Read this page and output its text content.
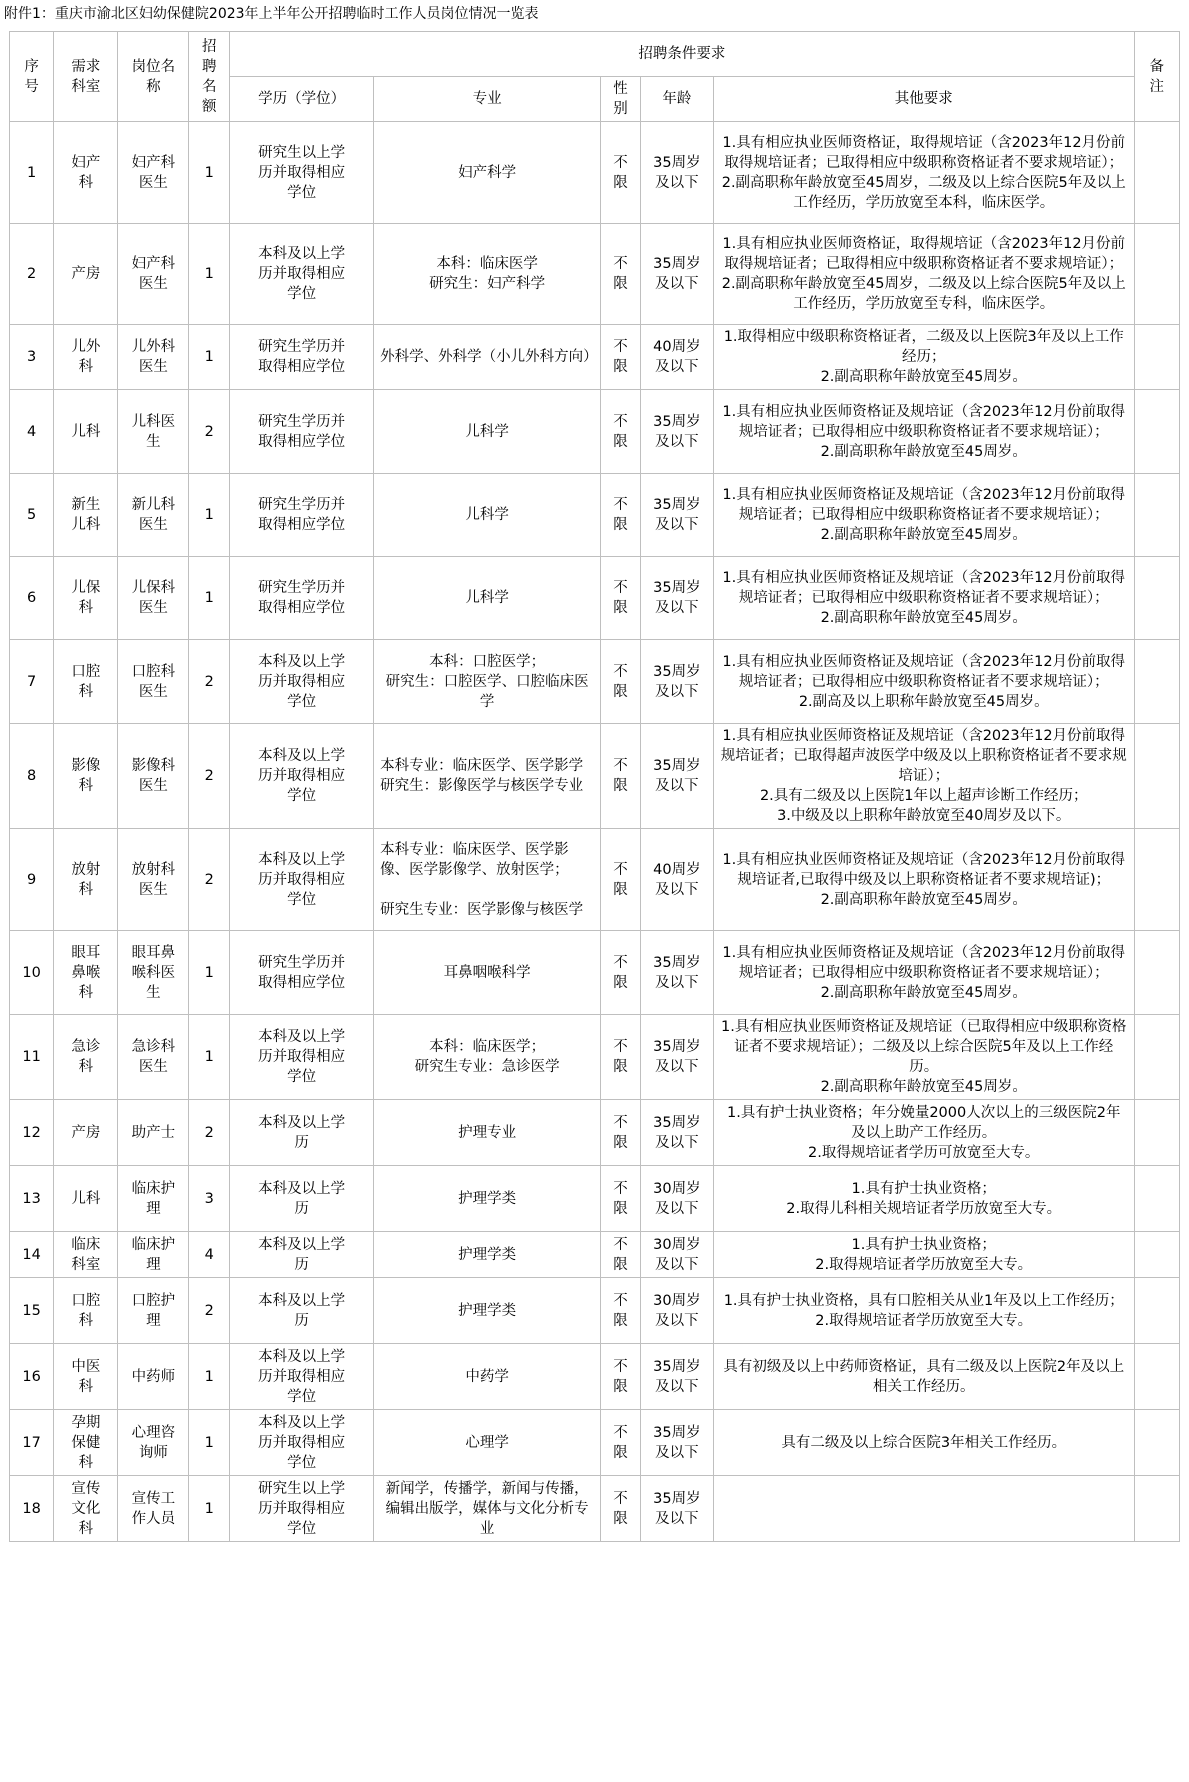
附件1：重庆市渝北区妇幼保健院2023年上半年公开招聘临时工作人员岗位情况一览表
序
号	需求
科室	岗位名
称	招
聘
名
额	招聘条件要求					备
注
				学历（学位）	专业	性
别	年龄	其他要求	
1	妇产
科	妇产科
医生	1	研究生以上学
历并取得相应
学位	妇产科学	不
限	35周岁
及以下	1.具有相应执业医师资格证，取得规培证（含2023年12月份前取得规培证者；已取得相应中级职称资格证者不要求规培证）；
2.副高职称年龄放宽至45周岁，二级及以上综合医院5年及以上工作经历，学历放宽至本科，临床医学。	
2	产房	妇产科
医生	1	本科及以上学
历并取得相应
学位	本科：临床医学
研究生：妇产科学	不
限	35周岁
及以下	1.具有相应执业医师资格证，取得规培证（含2023年12月份前取得规培证者；已取得相应中级职称资格证者不要求规培证）；
2.副高职称年龄放宽至45周岁，二级及以上综合医院5年及以上工作经历，学历放宽至专科，临床医学。	
3	儿外
科	儿外科
医生	1	研究生学历并
取得相应学位	外科学、外科学（小儿外科方向）	不
限	40周岁
及以下	1.取得相应中级职称资格证者，二级及以上医院3年及以上工作经历；
2.副高职称年龄放宽至45周岁。	
4	儿科	儿科医
生	2	研究生学历并
取得相应学位	儿科学	不
限	35周岁
及以下	1.具有相应执业医师资格证及规培证（含2023年12月份前取得规培证者；已取得相应中级职称资格证者不要求规培证）；
2.副高职称年龄放宽至45周岁。	
5	新生
儿科	新儿科
医生	1	研究生学历并
取得相应学位	儿科学	不
限	35周岁
及以下	1.具有相应执业医师资格证及规培证（含2023年12月份前取得规培证者；已取得相应中级职称资格证者不要求规培证）；
2.副高职称年龄放宽至45周岁。	
6	儿保
科	儿保科
医生	1	研究生学历并
取得相应学位	儿科学	不
限	35周岁
及以下	1.具有相应执业医师资格证及规培证（含2023年12月份前取得规培证者；已取得相应中级职称资格证者不要求规培证）；
2.副高职称年龄放宽至45周岁。	
7	口腔
科	口腔科
医生	2	本科及以上学
历并取得相应
学位	本科：口腔医学；
研究生：口腔医学、口腔临床医学	不
限	35周岁
及以下	1.具有相应执业医师资格证及规培证（含2023年12月份前取得规培证者；已取得相应中级职称资格证者不要求规培证）；
2.副高及以上职称年龄放宽至45周岁。	
8	影像
科	影像科
医生	2	本科及以上学
历并取得相应
学位	本科专业：临床医学、医学影学
研究生：影像医学与核医学专业	不
限	35周岁
及以下	1.具有相应执业医师资格证及规培证（含2023年12月份前取得规培证者；已取得超声波医学中级及以上职称资格证者不要求规培证）；
2.具有二级及以上医院1年以上超声诊断工作经历；
3.中级及以上职称年龄放宽至40周岁及以下。	
9	放射
科	放射科
医生	2	本科及以上学
历并取得相应
学位	本科专业：临床医学、医学影像、医学影像学、放射医学；

研究生专业：医学影像与核医学	不
限	40周岁
及以下	1.具有相应执业医师资格证及规培证（含2023年12月份前取得规培证者,已取得中级及以上职称资格证者不要求规培证)；
2.副高职称年龄放宽至45周岁。	
10	眼耳
鼻喉
科	眼耳鼻
喉科医
生	1	研究生学历并
取得相应学位	耳鼻咽喉科学	不
限	35周岁
及以下	1.具有相应执业医师资格证及规培证（含2023年12月份前取得规培证者；已取得相应中级职称资格证者不要求规培证）；
2.副高职称年龄放宽至45周岁。	
11	急诊
科	急诊科
医生	1	本科及以上学
历并取得相应
学位	本科：临床医学；
研究生专业：急诊医学	不
限	35周岁
及以下	1.具有相应执业医师资格证及规培证（已取得相应中级职称资格证者不要求规培证）；二级及以上综合医院5年及以上工作经历。
2.副高职称年龄放宽至45周岁。	
12	产房	助产士	2	本科及以上学
历	护理专业	不
限	35周岁
及以下	1.具有护士执业资格；年分娩量2000人次以上的三级医院2年及以上助产工作经历。
2.取得规培证者学历可放宽至大专。	
13	儿科	临床护
理	3	本科及以上学
历	护理学类	不
限	30周岁
及以下	1.具有护士执业资格；
2.取得儿科相关规培证者学历放宽至大专。	
14	临床
科室	临床护
理	4	本科及以上学
历	护理学类	不
限	30周岁
及以下	1.具有护士执业资格；
2.取得规培证者学历放宽至大专。	
15	口腔
科	口腔护
理	2	本科及以上学
历	护理学类	不
限	30周岁
及以下	1.具有护士执业资格，具有口腔相关从业1年及以上工作经历；
2.取得规培证者学历放宽至大专。	
16	中医
科	中药师	1	本科及以上学
历并取得相应
学位	中药学	不
限	35周岁
及以下	具有初级及以上中药师资格证，具有二级及以上医院2年及以上相关工作经历。	
17	孕期
保健
科	心理咨
询师	1	本科及以上学
历并取得相应
学位	心理学	不
限	35周岁
及以下	具有二级及以上综合医院3年相关工作经历。	
18	宣传
文化
科	宣传工
作人员	1	研究生以上学
历并取得相应
学位	新闻学，传播学，新闻与传播，编辑出版学，媒体与文化分析专业	不
限	35周岁
及以下		
